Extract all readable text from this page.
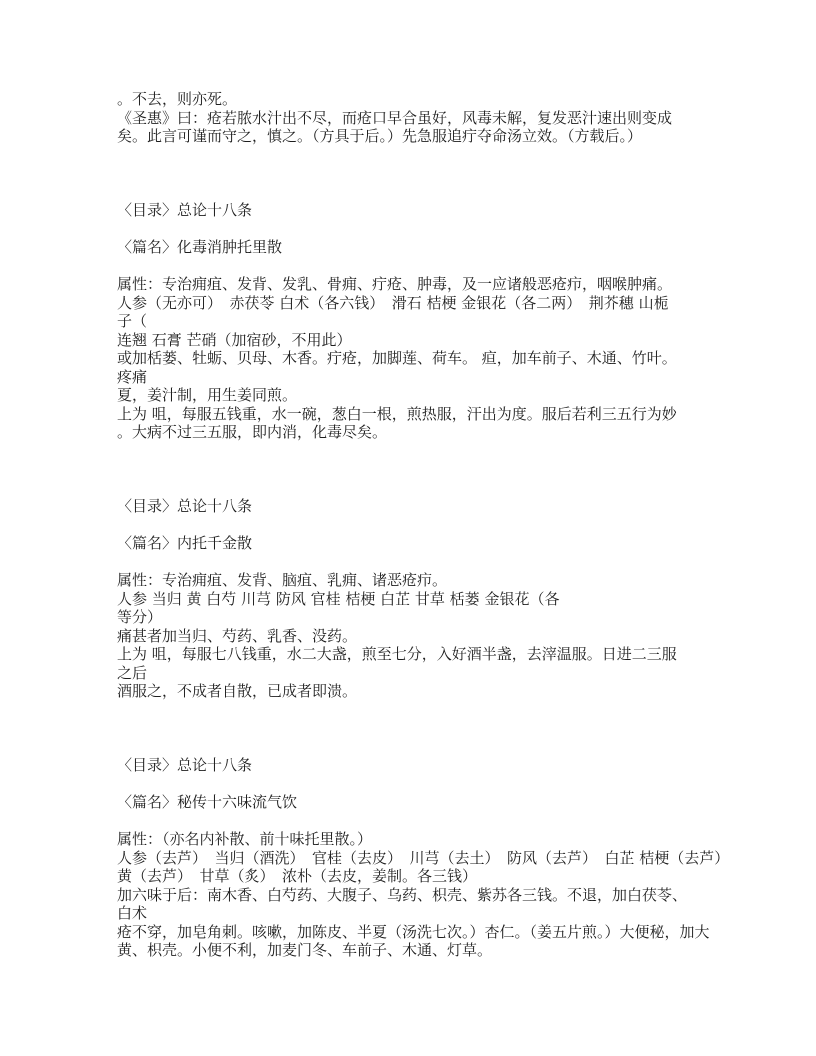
。不去，则亦死。
《圣惠》曰：疮若脓水汁出不尽，而疮口早合虽好，风毒未解，复发恶汁速出则变成
矣。此言可谨而守之，慎之。（方具于后。）先急服追疔夺命汤立效。（方载后。）
〈目录〉总论十八条
〈篇名〉化毒消肿托里散
属性：专治痈疽、发背、发乳、骨痈、疔疮、肿毒，及一应诸般恶疮疖，咽喉肿痛。
人参（无亦可）　赤茯苓 白术（各六钱）　滑石 桔梗 金银花（各二两）　荆芥穗 山栀
子（
连翘 石膏 芒硝（加宿砂，不用此）
或加栝蒌、牡蛎、贝母、木香。疔疮，加脚莲、荷车。 疸，加车前子、木通、竹叶。
疼痛
夏，姜汁制，用生姜同煎。
上为 咀，每服五钱重，水一碗，葱白一根，煎热服，汗出为度。服后若利三五行为妙
。大病不过三五服，即内消，化毒尽矣。
〈目录〉总论十八条
〈篇名〉内托千金散
属性：专治痈疽、发背、脑疽、乳痈、诸恶疮疖。
人参 当归 黄 白芍 川芎 防风 官桂 桔梗 白芷 甘草 栝蒌 金银花（各
等分）
痛甚者加当归、芍药、乳香、没药。
上为 咀，每服七八钱重，水二大盏，煎至七分，入好酒半盏，去滓温服。日进二三服
之后
酒服之，不成者自散，已成者即溃。
〈目录〉总论十八条
〈篇名〉秘传十六味流气饮
属性：（亦名内补散、前十味托里散。）
人参（去芦）　当归（酒洗）　官桂（去皮）　川芎（去土）　防风（去芦）　白芷 桔梗（去芦）
黄（去芦）　甘草（炙）　浓朴（去皮，姜制。各三钱）
加六味于后：南木香、白芍药、大腹子、乌药、枳壳、紫苏各三钱。不退，加白茯苓、
白术
疮不穿，加皂角刺。咳嗽，加陈皮、半夏（汤洗七次。）杏仁。（姜五片煎。）大便秘，加大
黄、枳壳。小便不利，加麦门冬、车前子、木通、灯草。
